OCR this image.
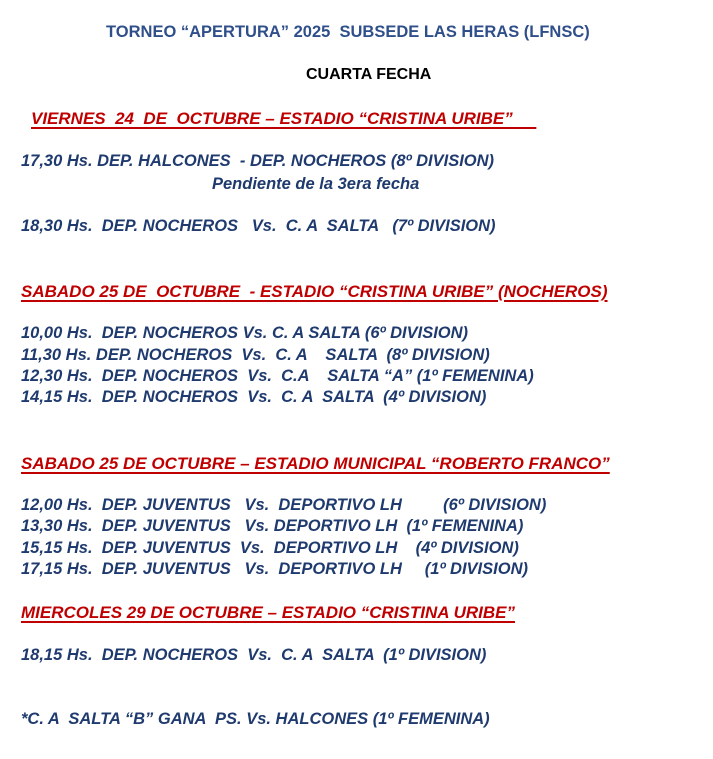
TORNEO “APERTURA” 2025  SUBSEDE LAS HERAS (LFNSC)
CUARTA FECHA
VIERNES  24  DE  OCTUBRE – ESTADIO “CRISTINA URIBE”
17,30 Hs. DEP. HALCONES  - DEP. NOCHEROS (8º DIVISION)
Pendiente de la 3era fecha
18,30 Hs.  DEP. NOCHEROS   Vs.  C. A  SALTA   (7º DIVISION)
SABADO 25 DE  OCTUBRE  - ESTADIO “CRISTINA URIBE” (NOCHEROS)
10,00 Hs.  DEP. NOCHEROS Vs. C. A SALTA (6º DIVISION)
11,30 Hs. DEP. NOCHEROS  Vs.  C. A    SALTA  (8º DIVISION)
12,30 Hs.  DEP. NOCHEROS  Vs.  C.A    SALTA “A” (1º FEMENINA)
14,15 Hs.  DEP. NOCHEROS  Vs.  C. A  SALTA  (4º DIVISION)
SABADO 25 DE OCTUBRE – ESTADIO MUNICIPAL “ROBERTO FRANCO”
12,00 Hs.  DEP. JUVENTUS   Vs.  DEPORTIVO LH         (6º DIVISION)
13,30 Hs.  DEP. JUVENTUS   Vs. DEPORTIVO LH  (1º FEMENINA)
15,15 Hs.  DEP. JUVENTUS  Vs.  DEPORTIVO LH    (4º DIVISION)
17,15 Hs.  DEP. JUVENTUS   Vs.  DEPORTIVO LH     (1º DIVISION)
MIERCOLES 29 DE OCTUBRE – ESTADIO “CRISTINA URIBE”
18,15 Hs.  DEP. NOCHEROS  Vs.  C. A  SALTA  (1º DIVISION)
*C. A  SALTA “B” GANA  PS. Vs. HALCONES (1º FEMENINA)
